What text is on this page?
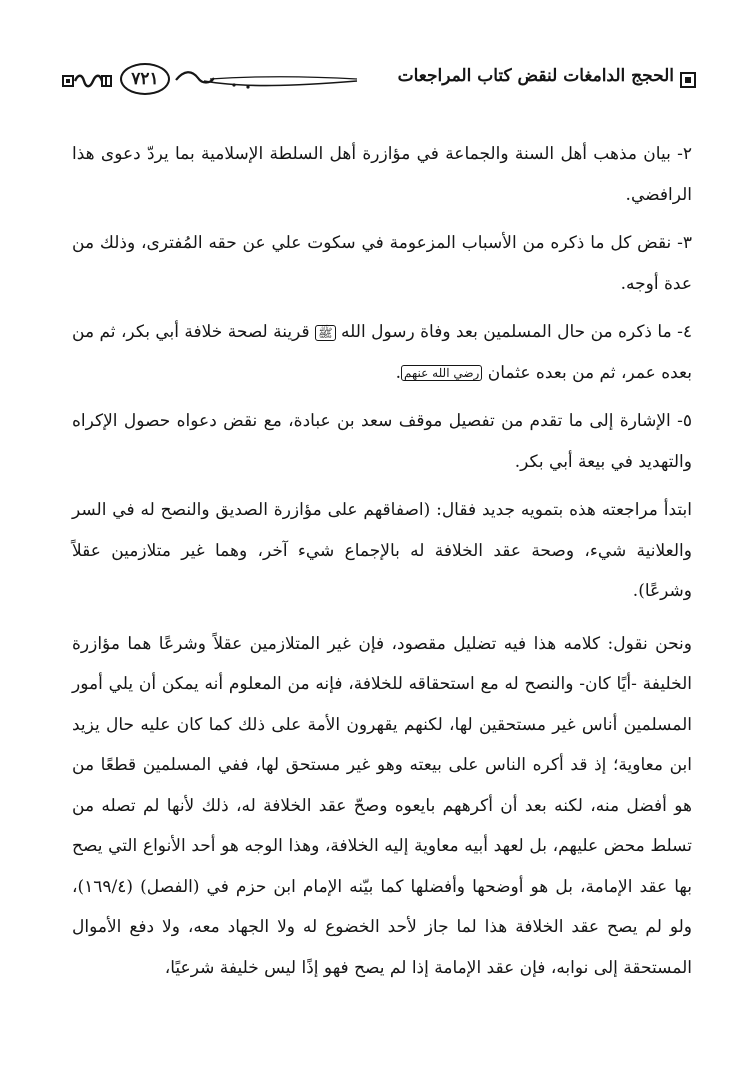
٧٢١	الحجج الدامغات لنقض كتاب المراجعات

٢- بيان مذهب أهل السنة والجماعة في مؤازرة أهل السلطة الإسلامية بما يردّ دعوى هذا الرافضي.

٣- نقض كل ما ذكره من الأسباب المزعومة في سكوت علي عن حقه المُفترى، وذلك من عدة أوجه.

٤- ما ذكره من حال المسلمين بعد وفاة رسول الله ﷺ قرينة لصحة خلافة أبي بكر، ثم من بعده عمر، ثم من بعده عثمان رضي الله عنهم.

٥- الإشارة إلى ما تقدم من تفصيل موقف سعد بن عبادة، مع نقض دعواه حصول الإكراه والتهديد في بيعة أبي بكر.

ابتدأ مراجعته هذه بتمويه جديد فقال: (اصفاقهم على مؤازرة الصديق والنصح له في السر والعلانية شيء، وصحة عقد الخلافة له بالإجماع شيء آخر، وهما غير متلازمين عقلاً وشرعًا).

ونحن نقول: كلامه هذا فيه تضليل مقصود، فإن غير المتلازمين عقلاً وشرعًا هما مؤازرة الخليفة -أيًا كان- والنصح له مع استحقاقه للخلافة، فإنه من المعلوم أنه يمكن أن يلي أمور المسلمين أناس غير مستحقين لها، لكنهم يقهرون الأمة على ذلك كما كان عليه حال يزيد ابن معاوية؛ إذ قد أكره الناس على بيعته وهو غير مستحق لها، ففي المسلمين قطعًا من هو أفضل منه، لكنه بعد أن أكرههم بايعوه وصحّ عقد الخلافة له، ذلك لأنها لم تصله من تسلط محض عليهم، بل لعهد أبيه معاوية إليه الخلافة، وهذا الوجه هو أحد الأنواع التي يصح بها عقد الإمامة، بل هو أوضحها وأفضلها كما بيّنه الإمام ابن حزم في (الفصل) (١٦٩/٤)، ولو لم يصح عقد الخلافة هذا لما جاز لأحد الخضوع له ولا الجهاد معه، ولا دفع الأموال المستحقة إلى نوابه، فإن عقد الإمامة إذا لم يصح فهو إذًا ليس خليفة شرعيًا،
